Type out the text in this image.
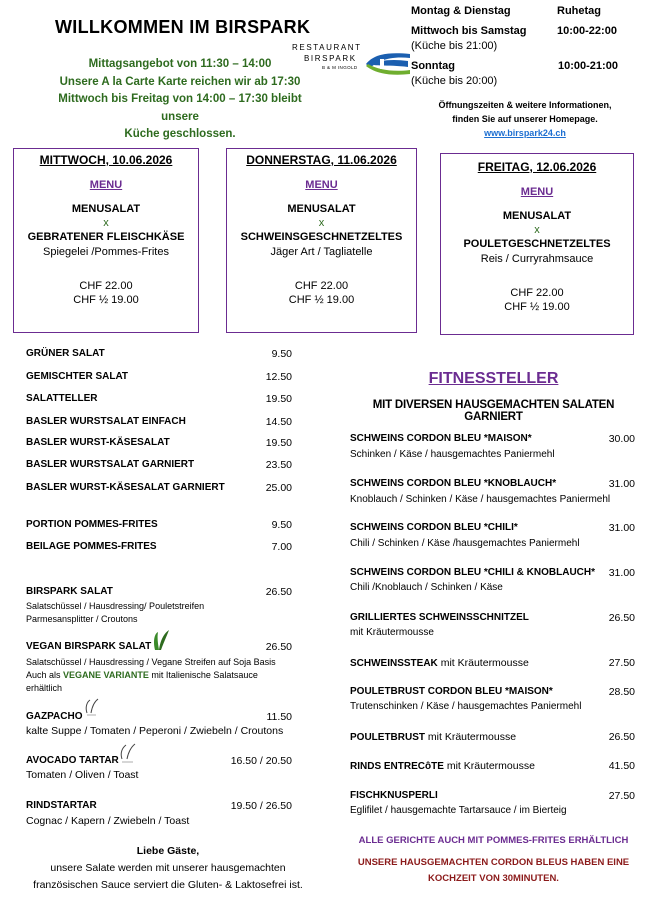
WILLKOMMEN IM BIRSPARK
Mittagsangebot von 11:30 – 14:00
Unsere A la Carte Karte reichen wir ab 17:30
Mittwoch bis Freitag von 14:00 – 17:30 bleibt unsere
Küche geschlossen.
RESTAURANT
BIRSPARK
B & M INGOLD
Montag & Dienstag	Ruhetag
Mittwoch bis Samstag	10:00-22:00
(Küche bis 21:00)
Sonntag	10:00-21:00
(Küche bis 20:00)
Öffnungszeiten & weitere Informationen,
finden Sie auf unserer Homepage.
www.birspark24.ch
MITTWOCH, 10.06.2026
MENU
MENUSALAT
x
GEBRATENER FLEISCHKÄSE
Spiegelei /Pommes-Frites
CHF 22.00
CHF ½ 19.00
DONNERSTAG, 11.06.2026
MENU
MENUSALAT
x
SCHWEINSGESCHNETZELTES
Jäger Art / Tagliatelle
CHF 22.00
CHF ½ 19.00
FREITAG, 12.06.2026
MENU
MENUSALAT
x
POULETGESCHNETZELTES
Reis / Curryrahmsauce
CHF 22.00
CHF ½ 19.00
GRÜNER SALAT	9.50
GEMISCHTER SALAT	12.50
SALATTELLER	19.50
BASLER WURSTSALAT EINFACH	14.50
BASLER WURST-KÄSESALAT	19.50
BASLER WURSTSALAT GARNIERT	23.50
BASLER WURST-KÄSESALAT GARNIERT	25.00
PORTION POMMES-FRITES	9.50
BEILAGE POMMES-FRITES	7.00
BIRSPARK SALAT	26.50
Salatschüssel / Hausdressing/ Pouletstreifen
Parmesansplitter / Croutons
VEGAN BIRSPARK SALAT	26.50
Salatschüssel / Hausdressing / Vegane Streifen auf Soja Basis
Auch als VEGANE VARIANTE mit Italienische Salatsauce
erhältlich
GAZPACHO	11.50
kalte Suppe / Tomaten / Peperoni / Zwiebeln / Croutons
AVOCADO TARTAR	16.50 / 20.50
Tomaten / Oliven / Toast
RINDSTARTAR	19.50 / 26.50
Cognac / Kapern / Zwiebeln / Toast
Liebe Gäste,
unsere Salate werden mit unserer hausgemachten
französischen Sauce serviert die Gluten- & Laktosefrei ist.
FITNESSTELLER
MIT DIVERSEN HAUSGEMACHTEN SALATEN GARNIERT
SCHWEINS CORDON BLEU *MAISON*	30.00
Schinken / Käse / hausgemachtes Paniermehl
SCHWEINS CORDON BLEU *KNOBLAUCH*	31.00
Knoblauch / Schinken / Käse / hausgemachtes Paniermehl
SCHWEINS CORDON BLEU *CHILI*	31.00
Chili / Schinken / Käse /hausgemachtes Paniermehl
SCHWEINS CORDON BLEU *CHILI & KNOBLAUCH*	31.00
Chili /Knoblauch / Schinken / Käse
GRILLIERTES SCHWEINSSCHNITZEL	26.50
mit Kräutermousse
SCHWEINSSTEAK mit Kräutermousse	27.50
POULETBRUST CORDON BLEU *MAISON*	28.50
Trutenschinken / Käse / hausgemachtes Paniermehl
POULETBRUST mit Kräutermousse	26.50
RINDS ENTRECôTE mit Kräutermousse	41.50
FISCHKNUSPERLI	27.50
Eglifilet / hausgemachte Tartarsauce / im Bierteig
ALLE GERICHTE AUCH MIT POMMES-FRITES ERHÄLTLICH
UNSERE HAUSGEMACHTEN CORDON BLEUS HABEN EINE
KOCHZEIT VON 30MINUTEN.
